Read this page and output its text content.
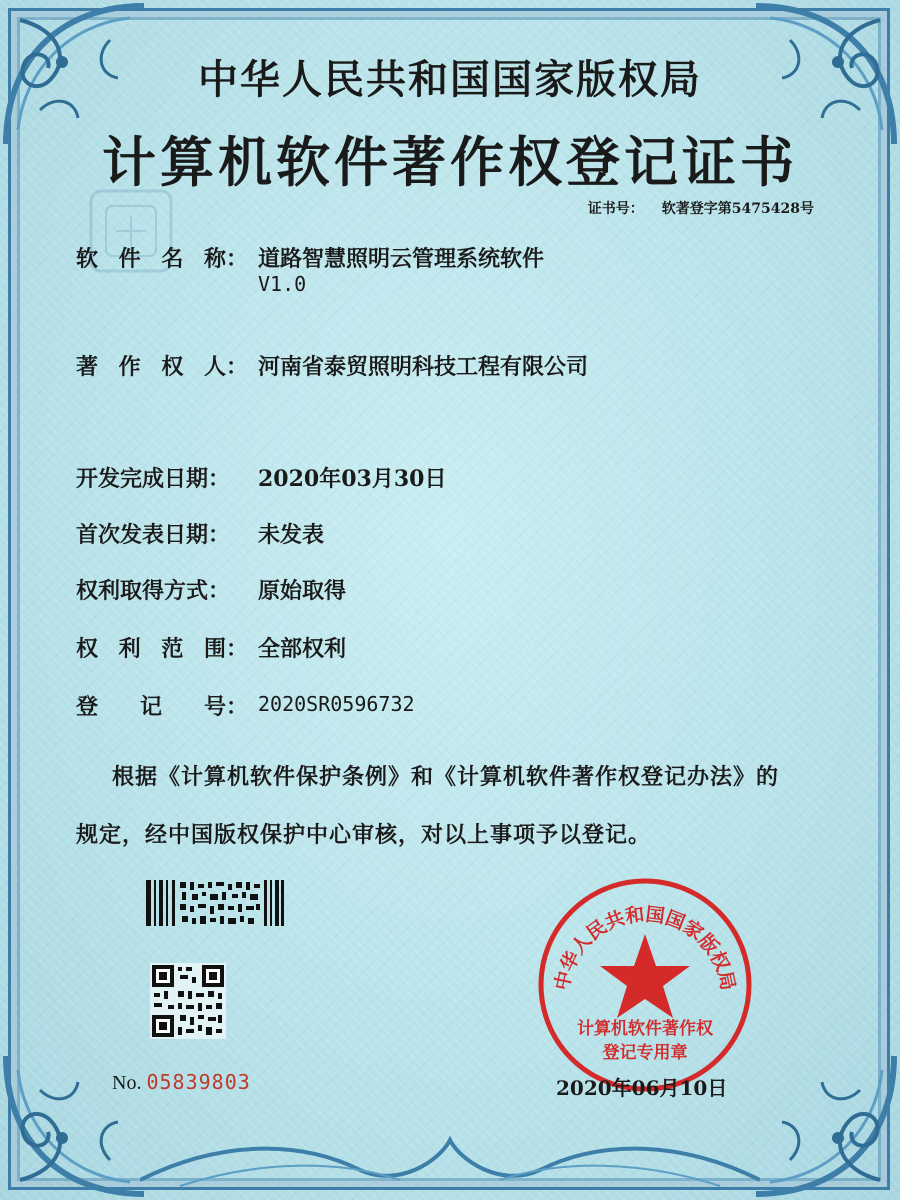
中华人民共和国国家版权局
计算机软件著作权登记证书
证书号： 软著登字第5475428号
软 件 名 称： 道路智慧照明云管理系统软件
V1.0
著 作 权 人： 河南省泰贸照明科技工程有限公司
开发完成日期： 2020年03月30日
首次发表日期： 未发表
权利取得方式： 原始取得
权 利 范 围： 全部权利
登 记 号： 2020SR0596732
根据《计算机软件保护条例》和《计算机软件著作权登记办法》的
规定，经中国版权保护中心审核，对以上事项予以登记。
No. 05839803
中华人民共和国国家版权局
计算机软件著作权
登记专用章
2020年06月10日
